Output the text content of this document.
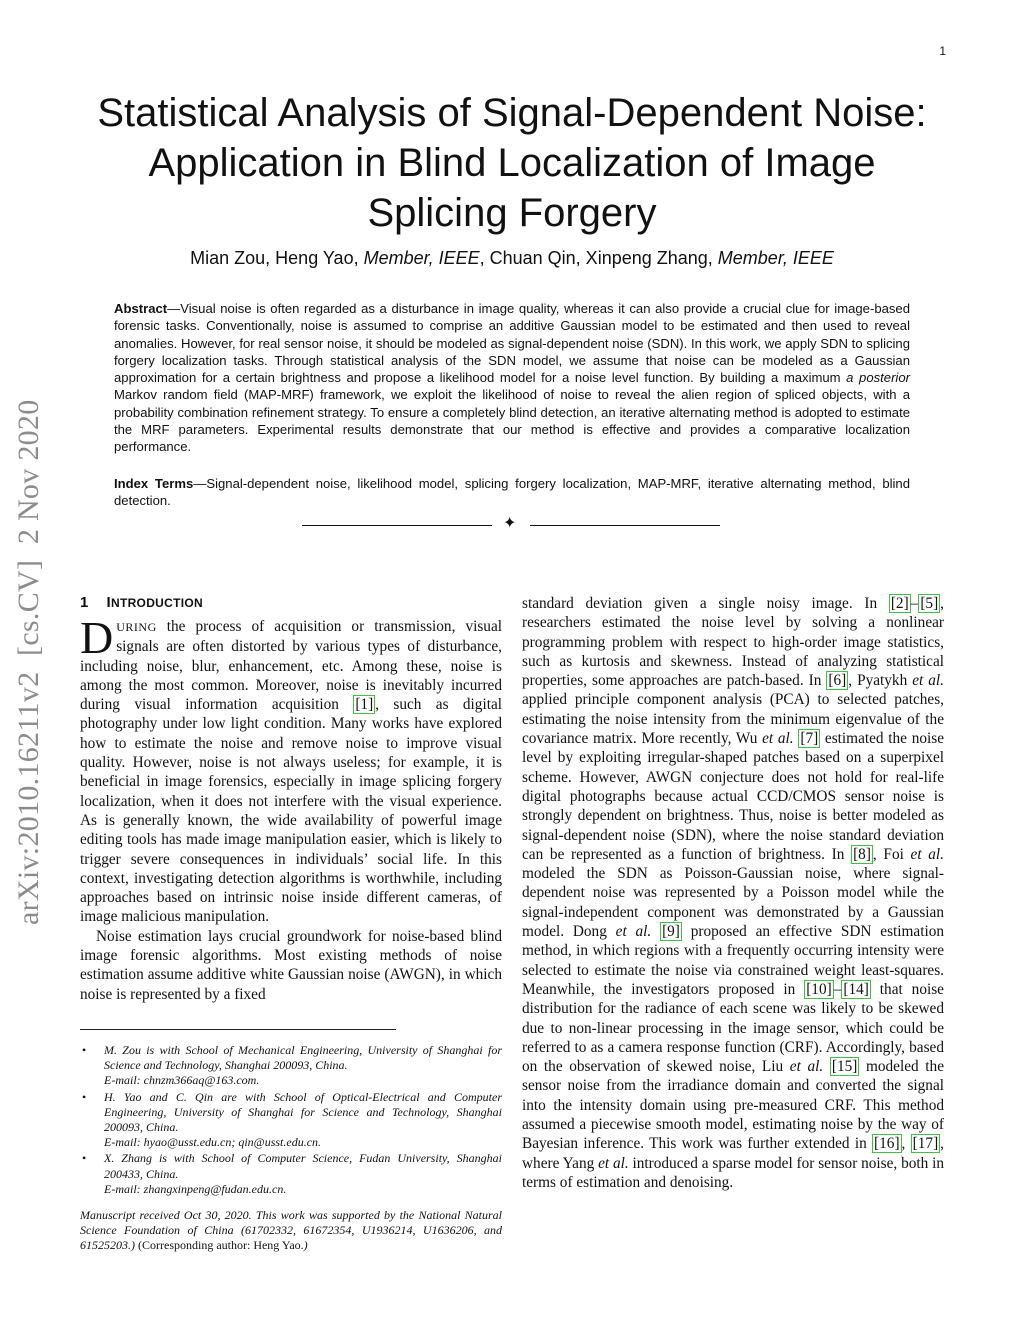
1
arXiv:2010.16211v2  [cs.CV]  2 Nov 2020
Statistical Analysis of Signal-Dependent Noise: Application in Blind Localization of Image Splicing Forgery
Mian Zou, Heng Yao, Member, IEEE, Chuan Qin, Xinpeng Zhang, Member, IEEE
Abstract—Visual noise is often regarded as a disturbance in image quality, whereas it can also provide a crucial clue for image-based forensic tasks. Conventionally, noise is assumed to comprise an additive Gaussian model to be estimated and then used to reveal anomalies. However, for real sensor noise, it should be modeled as signal-dependent noise (SDN). In this work, we apply SDN to splicing forgery localization tasks. Through statistical analysis of the SDN model, we assume that noise can be modeled as a Gaussian approximation for a certain brightness and propose a likelihood model for a noise level function. By building a maximum a posterior Markov random field (MAP-MRF) framework, we exploit the likelihood of noise to reveal the alien region of spliced objects, with a probability combination refinement strategy. To ensure a completely blind detection, an iterative alternating method is adopted to estimate the MRF parameters. Experimental results demonstrate that our method is effective and provides a comparative localization performance.
Index Terms—Signal-dependent noise, likelihood model, splicing forgery localization, MAP-MRF, iterative alternating method, blind detection.
✦
1 INTRODUCTION

DURING the process of acquisition or transmission, visual signals are often distorted by various types of disturbance, including noise, blur, enhancement, etc. Among these, noise is among the most common. Moreover, noise is inevitably incurred during visual information acquisition [1] , such as digital photography under low light condition. Many works have explored how to estimate the noise and remove noise to improve visual quality. However, noise is not always useless; for example, it is beneficial in image forensics, especially in image splicing forgery localization, when it does not interfere with the visual experience. As is generally known, the wide availability of powerful image editing tools has made image manipulation easier, which is likely to trigger severe consequences in individuals’ social life. In this context, investigating detection algorithms is worthwhile, including approaches based on intrinsic noise inside different cameras, of image malicious manipulation.

Noise estimation lays crucial groundwork for noise-based blind image forensic algorithms. Most existing methods of noise estimation assume additive white Gaussian noise (AWGN), in which noise is represented by a fixed

•	M. Zou is with School of Mechanical Engineering, University of Shanghai for Science and Technology, Shanghai 200093, China.
E-mail: chnzm366aq@163.com.
•	H. Yao and C. Qin are with School of Optical-Electrical and Computer Engineering, University of Shanghai for Science and Technology, Shanghai 200093, China.
E-mail: hyao@usst.edu.cn; qin@usst.edu.cn.
•	X. Zhang is with School of Computer Science, Fudan University, Shanghai 200433, China.
E-mail: zhangxinpeng@fudan.edu.cn.
Manuscript received Oct 30, 2020. This work was supported by the National Natural Science Foundation of China (61702332, 61672354, U1936214, U1636206, and 61525203.) (Corresponding author: Heng Yao.)

standard deviation given a single noisy image. In [2] – [5] , researchers estimated the noise level by solving a nonlinear programming problem with respect to high-order image statistics, such as kurtosis and skewness. Instead of analyzing statistical properties, some approaches are patch-based. In [6] , Pyatykh et al. applied principle component analysis (PCA) to selected patches, estimating the noise intensity from the minimum eigenvalue of the covariance matrix. More recently, Wu et al. [7] estimated the noise level by exploiting irregular-shaped patches based on a superpixel scheme. However, AWGN conjecture does not hold for real-life digital photographs because actual CCD/CMOS sensor noise is strongly dependent on brightness. Thus, noise is better modeled as signal-dependent noise (SDN), where the noise standard deviation can be represented as a function of brightness. In [8] , Foi et al. modeled the SDN as Poisson-Gaussian noise, where signal-dependent noise was represented by a Poisson model while the signal-independent component was demonstrated by a Gaussian model. Dong et al. [9] proposed an effective SDN estimation method, in which regions with a frequently occurring intensity were selected to estimate the noise via constrained weight least-squares. Meanwhile, the investigators proposed in [10] – [14] that noise distribution for the radiance of each scene was likely to be skewed due to non-linear processing in the image sensor, which could be referred to as a camera response function (CRF). Accordingly, based on the observation of skewed noise, Liu et al. [15] modeled the sensor noise from the irradiance domain and converted the signal into the intensity domain using pre-measured CRF. This method assumed a piecewise smooth model, estimating noise by the way of Bayesian inference. This work was further extended in [16] , [17] , where Yang et al. introduced a sparse model for sensor noise, both in terms of estimation and denoising.
